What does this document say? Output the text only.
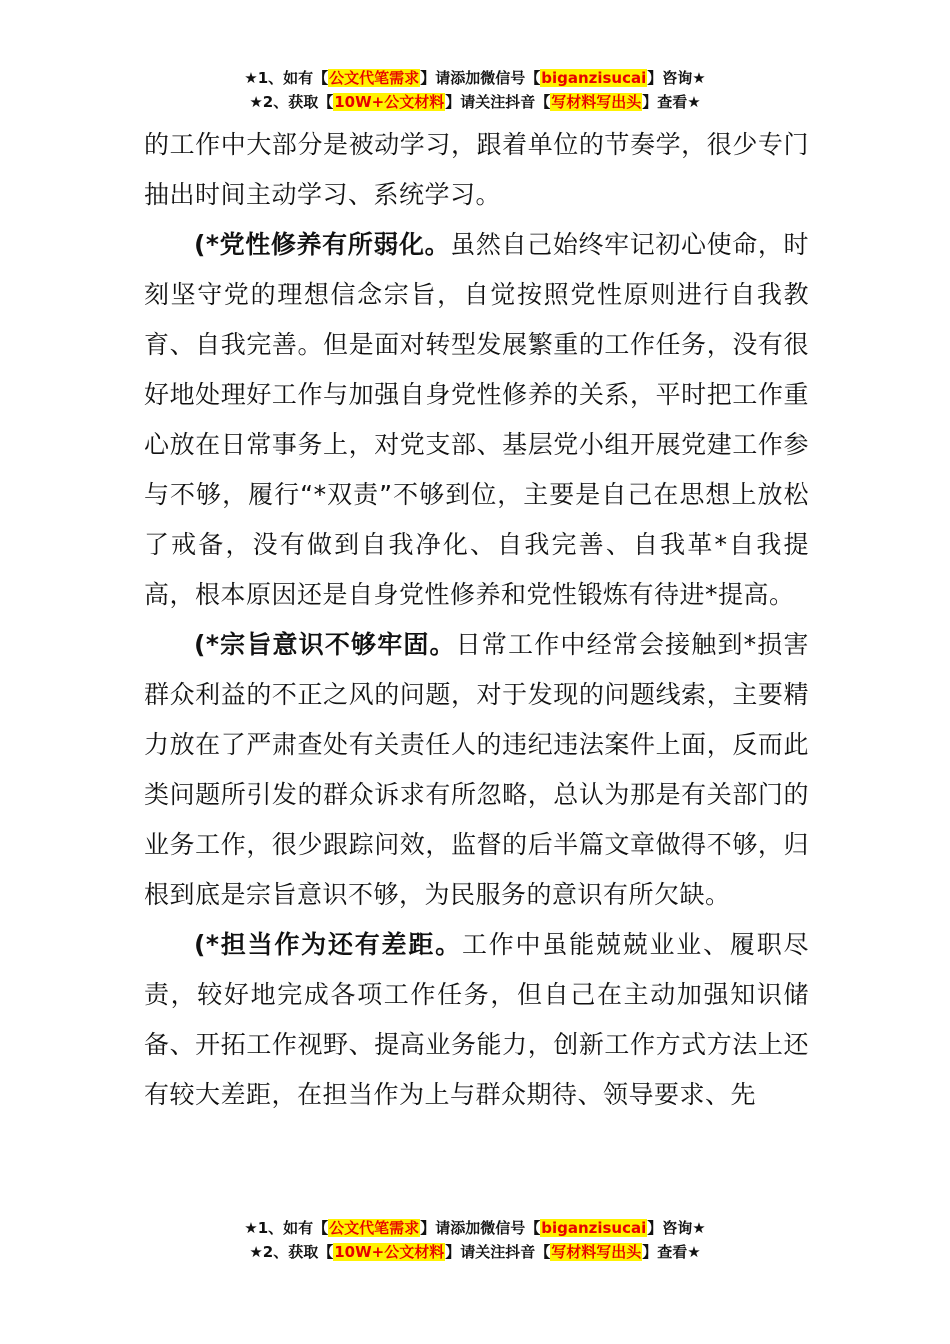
★1、如有【公文代笔需求】请添加微信号【biganzisucai】咨询★
★2、获取【10W+公文材料】请关注抖音【写材料写出头】查看★

的工作中大部分是被动学习，跟着单位的节奏学，很少专门抽出时间主动学习、系统学习。

(*党性修养有所弱化。虽然自己始终牢记初心使命，时刻坚守党的理想信念宗旨，自觉按照党性原则进行自我教育、自我完善。但是面对转型发展繁重的工作任务，没有很好地处理好工作与加强自身党性修养的关系，平时把工作重心放在日常事务上，对党支部、基层党小组开展党建工作参与不够，履行“*双责”不够到位，主要是自己在思想上放松了戒备，没有做到自我净化、自我完善、自我革*自我提高，根本原因还是自身党性修养和党性锻炼有待进*提高。

(*宗旨意识不够牢固。日常工作中经常会接触到*损害群众利益的不正之风的问题，对于发现的问题线索，主要精力放在了严肃查处有关责任人的违纪违法案件上面，反而此类问题所引发的群众诉求有所忽略，总认为那是有关部门的业务工作，很少跟踪问效，监督的后半篇文章做得不够，归根到底是宗旨意识不够，为民服务的意识有所欠缺。

(*担当作为还有差距。工作中虽能兢兢业业、履职尽责，较好地完成各项工作任务，但自己在主动加强知识储备、开拓工作视野、提高业务能力，创新工作方式方法上还有较大差距，在担当作为上与群众期待、领导要求、先

★1、如有【公文代笔需求】请添加微信号【biganzisucai】咨询★
★2、获取【10W+公文材料】请关注抖音【写材料写出头】查看★
